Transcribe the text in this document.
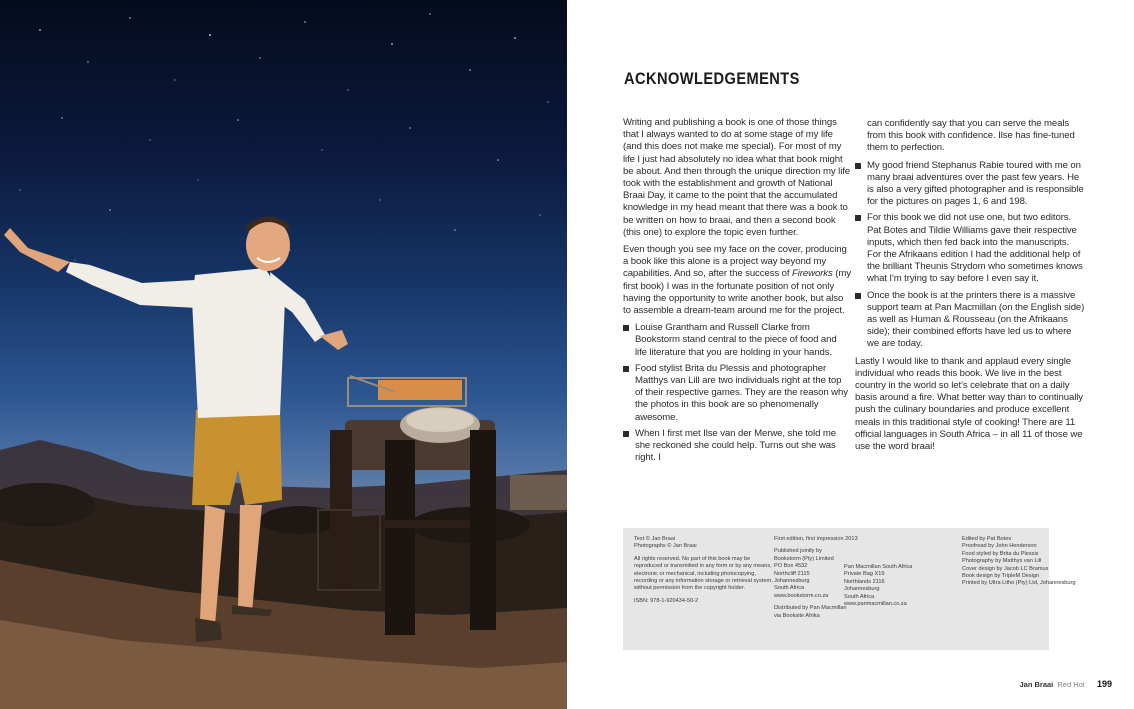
ACKNOWLEDGEMENTS

Writing and publishing a book is one of those things that I always wanted to do at some stage of my life (and this does not make me special). For most of my life I just had absolutely no idea what that book might be about. And then through the unique direction my life took with the establishment and growth of National Braai Day, it came to the point that the accumulated knowledge in my head meant that there was a book to be written on how to braai, and then a second book (this one) to explore the topic even further.

Even though you see my face on the cover, producing a book like this alone is a project way beyond my capabilities. And so, after the success of Fireworks (my first book) I was in the fortunate position of not only having the opportunity to write another book, but also to assemble a dream-team around me for the project.

Louise Grantham and Russell Clarke from Bookstorm stand central to the piece of food and life literature that you are holding in your hands.
Food stylist Brita du Plessis and photographer Matthys van Lill are two individuals right at the top of their respective games. They are the reason why the photos in this book are so phenomenally awesome.
When I first met Ilse van der Merwe, she told me she reckoned she could help. Turns out she was right. I

can confidently say that you can serve the meals from this book with confidence. Ilse has fine-tuned them to perfection.

My good friend Stephanus Rabie toured with me on many braai adventures over the past few years. He is also a very gifted photographer and is responsible for the pictures on pages 1, 6 and 198.
For this book we did not use one, but two editors. Pat Botes and Tildie Williams gave their respective inputs, which then fed back into the manuscripts. For the Afrikaans edition I had the additional help of the brilliant Theunis Strydom who sometimes knows what I'm trying to say before I even say it.
Once the book is at the printers there is a massive support team at Pan Macmillan (on the English side) as well as Human & Rousseau (on the Afrikaans side); their combined efforts have led us to where we are today.

Lastly I would like to thank and applaud every single individual who reads this book. We live in the best country in the world so let's celebrate that on a daily basis around a fire. What better way than to continually push the culinary boundaries and produce excellent meals in this traditional style of cooking! There are 11 official languages in South Africa – in all 11 of those we use the word braai!

Text © Jan Braai
Photographs © Jan Braai
All rights reserved. No part of this book may be
reproduced or transmitted in any form or by any means,
electronic or mechanical, including photocopying,
recording or any information storage or retrieval system,
without permission from the copyright holder.
ISBN: 978-1-920434-50-2
First edition, first impression 2013
Published jointly by
Bookstorm (Pty) Limited
PO Box 4532
Northcliff 2115
Johannesburg
South Africa
www.bookstorm.co.za
Distributed by Pan Macmillan
via Booksite Afrika
Pan Macmillan South Africa
Private Bag X19
Northlands 2116
Johannesburg
South Africa
www.panmacmillan.co.za
Edited by Pat Botes
Proofread by John Henderson
Food styled by Brita du Plessis
Photography by Matthys van Lill
Cover design by Jacob LC Bramus
Book design by TripleM Design
Printed by Ultra Litho (Pty) Ltd, Johannesburg
Jan Braai Red Hot 199
